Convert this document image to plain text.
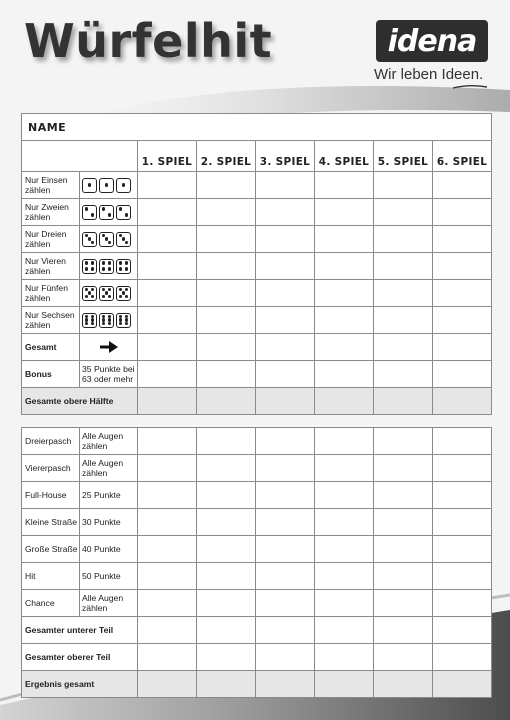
Würfelhit	idena
Wir leben Ideen.
NAME							
		1. SPIEL	2. SPIEL	3. SPIEL	4. SPIEL	5. SPIEL	6. SPIEL
Nur Einsen zählen	

Nur Zweien zählen	

Nur Dreien zählen	

Nur Vieren zählen	

Nur Fünfen zählen	

Nur Sechsen zählen	

Gesamt	

Bonus	35 Punkte bei 63 oder mehr						
Gesamte obere Hälfte							
Dreierpasch	Alle Augen zählen						
Viererpasch	Alle Augen zählen						
Full-House	25 Punkte						
Kleine Straße	30 Punkte						
Große Straße	40 Punkte						
Hit	50 Punkte						
Chance	Alle Augen zählen						
Gesamter unterer Teil							
Gesamter oberer Teil							
Ergebnis gesamt							
